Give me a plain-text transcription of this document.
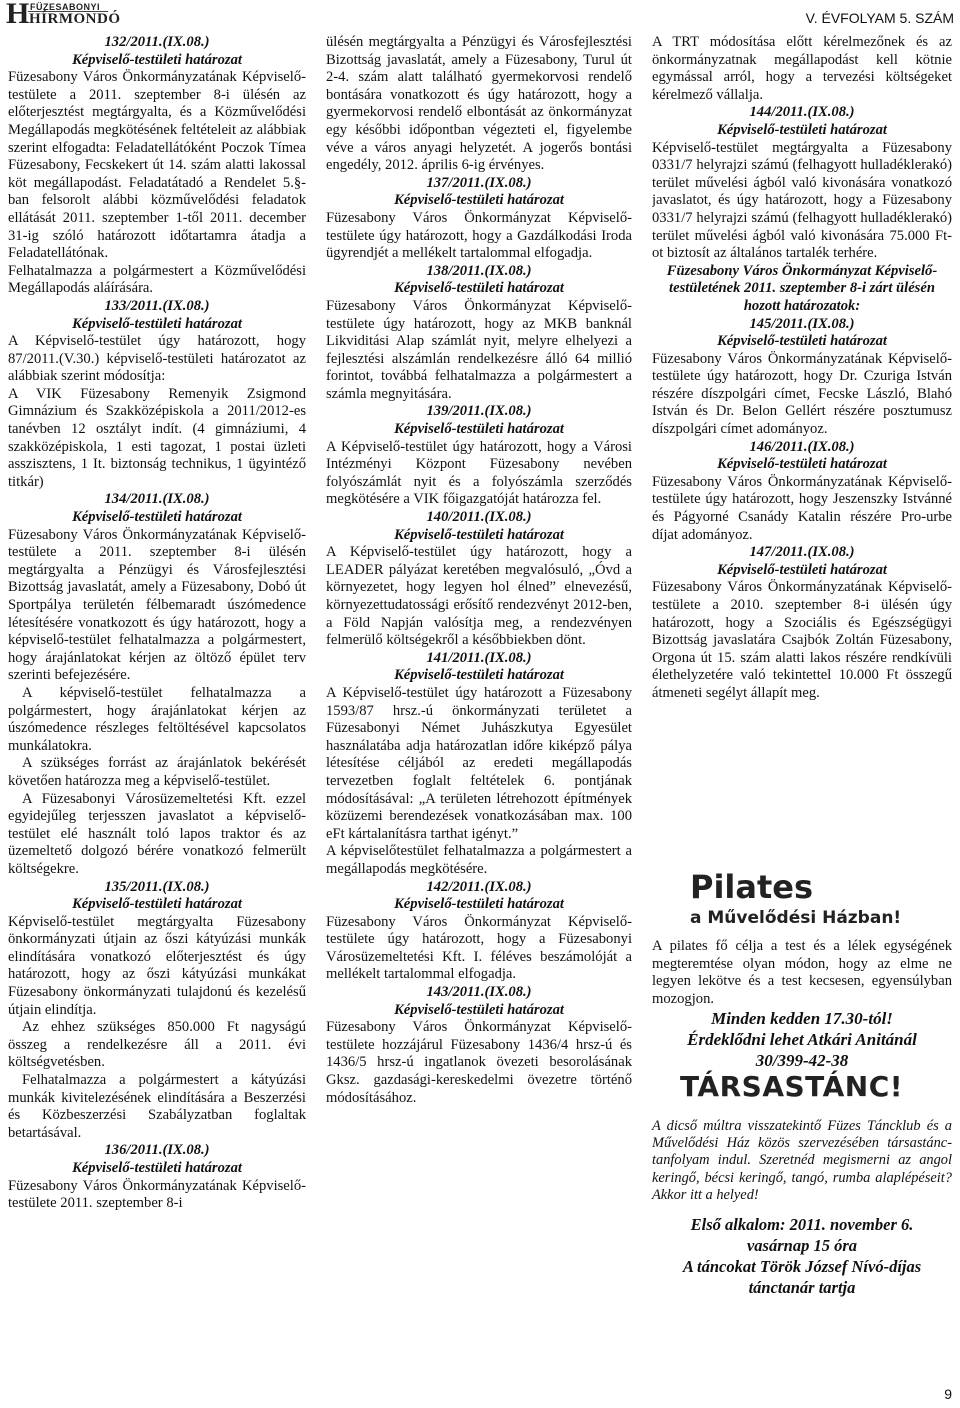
H FÜZESABONYI
HÍRMONDÓ	V. ÉVFOLYAM 5. SZÁM
132/2011.(IX.08.)
Képviselő-testületi határozat

Füzesabony Város Önkormányzatának Képviselő-testülete a 2011. szeptember 8-i ülésén az előterjesztést megtárgyalta, és a Közművelődési Megállapodás megkötésének feltételeit az alábbiak szerint elfogadta: Feladatellátóként Poczok Tímea Füzesabony, Fecskekert út 14. szám alatti lakossal köt megállapodást. Feladatátadó a Rendelet 5.§-ban felsorolt alábbi közművelődési feladatok ellátását 2011. szeptember 1-től 2011. december 31-ig szóló határozott időtartamra átadja a Feladatellátónak.

Felhatalmazza a polgármestert a Közművelődési Megállapodás aláírására.

133/2011.(IX.08.)
Képviselő-testületi határozat

A Képviselő-testület úgy határozott, hogy 87/2011.(V.30.) képviselő-testületi határozatot az alábbiak szerint módosítja:

A VIK Füzesabony Remenyik Zsigmond Gimnázium és Szakközépiskola a 2011/2012-es tanévben 12 osztályt indít. (4 gimnáziumi, 4 szakközépiskola, 1 esti tagozat, 1 postai üzleti asszisztens, 1 It. biztonság technikus, 1 ügyintéző titkár)

134/2011.(IX.08.)
Képviselő-testületi határozat

Füzesabony Város Önkormányzatának Képviselő-testülete a 2011. szeptember 8-i ülésén megtárgyalta a Pénzügyi és Városfejlesztési Bizottság javaslatát, amely a Füzesabony, Dobó út Sportpálya területén félbemaradt úszómedence létesítésére vonatkozott és úgy határozott, hogy a képviselő-testület felhatalmazza a polgármestert, hogy árajánlatokat kérjen az öltöző épület terv szerinti befejezésére.

A képviselő-testület felhatalmazza a polgármestert, hogy árajánlatokat kérjen az úszómedence részleges feltöltésével kapcsolatos munkálatokra.

A szükséges forrást az árajánlatok bekérését követően határozza meg a képviselő-testület.

A Füzesabonyi Városüzemeltetési Kft. ezzel egyidejűleg terjesszen javaslatot a képviselő-testület elé használt toló lapos traktor és az üzemeltető dolgozó bérére vonatkozó felmerült költségekre.

135/2011.(IX.08.)
Képviselő-testületi határozat

Képviselő-testület megtárgyalta Füzesabony önkormányzati útjain az őszi kátyúzási munkák elindítására vonatkozó előterjesztést és úgy határozott, hogy az őszi kátyúzási munkákat Füzesabony önkormányzati tulajdonú és kezelésű útjain elindítja.

Az ehhez szükséges 850.000 Ft nagyságú összeg a rendelkezésre áll a 2011. évi költségvetésben.

Felhatalmazza a polgármestert a kátyúzási munkák kivitelezésének elindítására a Beszerzési és Közbeszerzési Szabályzatban foglaltak betartásával.

136/2011.(IX.08.)
Képviselő-testületi határozat

Füzesabony Város Önkormányzatának Képviselő-testülete 2011. szeptember 8-i

ülésén megtárgyalta a Pénzügyi és Városfejlesztési Bizottság javaslatát, amely a Füzesabony, Turul út 2-4. szám alatt található gyermekorvosi rendelő bontására vonatkozott és úgy határozott, hogy a gyermekorvosi rendelő elbontását az önkormányzat egy későbbi időpontban végezteti el, figyelembe véve a város anyagi helyzetét. A jogerős bontási engedély, 2012. április 6-ig érvényes.

137/2011.(IX.08.)
Képviselő-testületi határozat

Füzesabony Város Önkormányzat Képviselő-testülete úgy határozott, hogy a Gazdálkodási Iroda ügyrendjét a mellékelt tartalommal elfogadja.

138/2011.(IX.08.)
Képviselő-testületi határozat

Füzesabony Város Önkormányzat Képviselő-testülete úgy határozott, hogy az MKB banknál Likviditási Alap számlát nyit, melyre elhelyezi a fejlesztési alszámlán rendelkezésre álló 64 millió forintot, továbbá felhatalmazza a polgármestert a számla megnyitására.

139/2011.(IX.08.)
Képviselő-testületi határozat

A Képviselő-testület úgy határozott, hogy a Városi Intézményi Központ Füzesabony nevében folyószámlát nyit és a folyószámla szerződés megkötésére a VIK főigazgatóját határozza fel.

140/2011.(IX.08.)
Képviselő-testületi határozat

A Képviselő-testület úgy határozott, hogy a LEADER pályázat keretében megvalósuló, „Óvd a környezetet, hogy legyen hol élned” elnevezésű, környezettudatossági erősítő rendezvényt 2012-ben, a Föld Napján valósítja meg, a rendezvényen felmerülő költségekről a későbbiekben dönt.

141/2011.(IX.08.)
Képviselő-testületi határozat

A Képviselő-testület úgy határozott a Füzesabony 1593/87 hrsz.-ú önkormányzati területet a Füzesabonyi Német Juhászkutya Egyesület használatába adja határozatlan időre kiképző pálya létesítése céljából az eredeti megállapodás tervezetben foglalt feltételek 6. pontjának módosításával: „A területen létrehozott építmények közüzemi berendezések vonatkozásában max. 100 eFt kártalanításra tarthat igényt.”

A képviselőtestület felhatalmazza a polgármestert a megállapodás megkötésére.

142/2011.(IX.08.)
Képviselő-testületi határozat

Füzesabony Város Önkormányzat Képviselő-testülete úgy határozott, hogy a Füzesabonyi Városüzemeltetési Kft. I. féléves beszámolóját a mellékelt tartalommal elfogadja.

143/2011.(IX.08.)
Képviselő-testületi határozat

Füzesabony Város Önkormányzat Képviselő-testülete hozzájárul Füzesabony 1436/4 hrsz-ú és 1436/5 hrsz-ú ingatlanok övezeti besorolásának Gksz. gazdasági-kereskedelmi övezetre történő módosításához.

A TRT módosítása előtt kérelmezőnek és az önkormányzatnak megállapodást kell kötnie egymással arról, hogy a tervezési költségeket kérelmező vállalja.

144/2011.(IX.08.)
Képviselő-testületi határozat

Képviselő-testület megtárgyalta a Füzesabony 0331/7 helyrajzi számú (felhagyott hulladéklerakó) terület művelési ágból való kivonására vonatkozó javaslatot, és úgy határozott, hogy a Füzesabony 0331/7 helyrajzi számú (felhagyott hulladéklerakó) terület művelési ágból való kivonására 75.000 Ft-ot biztosít az általános tartalék terhére.

Füzesabony Város Önkormányzat Képviselő-testületének 2011. szeptember 8-i zárt ülésén hozott határozatok:
145/2011.(IX.08.)
Képviselő-testületi határozat

Füzesabony Város Önkormányzatának Képviselő-testülete úgy határozott, hogy Dr. Czuriga István részére díszpolgári címet, Fecske László, Blahó István és Dr. Belon Gellért részére posztumusz díszpolgári címet adományoz.

146/2011.(IX.08.)
Képviselő-testületi határozat

Füzesabony Város Önkormányzatának Képviselő-testülete úgy határozott, hogy Jeszenszky Istvánné és Págyorné Csanády Katalin részére Pro-urbe díjat adományoz.

147/2011.(IX.08.)
Képviselő-testületi határozat

Füzesabony Város Önkormányzatának Képviselő-testülete a 2010. szeptember 8-i ülésén úgy határozott, hogy a Szociális és Egészségügyi Bizottság javaslatára Csajbók Zoltán Füzesabony, Orgona út 15. szám alatti lakos részére rendkívüli élethelyzetére való tekintettel 10.000 Ft összegű átmeneti segélyt állapít meg.

Pilates
a Művelődési Házban!

A pilates fő célja a test és a lélek egységének megteremtése olyan módon, hogy az elme ne legyen lekötve és a test kecsesen, egyensúlyban mozogjon.

Minden kedden 17.30-tól!
Érdeklődni lehet Atkári Anitánál
30/399-42-38
TÁRSASTÁNC!
A dicső múltra visszatekintő Füzes Táncklub és a Művelődési Ház közös szervezésében társastánc-tanfolyam indul. Szeretnéd megismerni az angol keringő, bécsi keringő, tangó, rumba alaplépéseit? Akkor itt a helyed!
Első alkalom: 2011. november 6.
vasárnap 15 óra
A táncokat Török József Nívó-díjas
tánctanár tartja
9
